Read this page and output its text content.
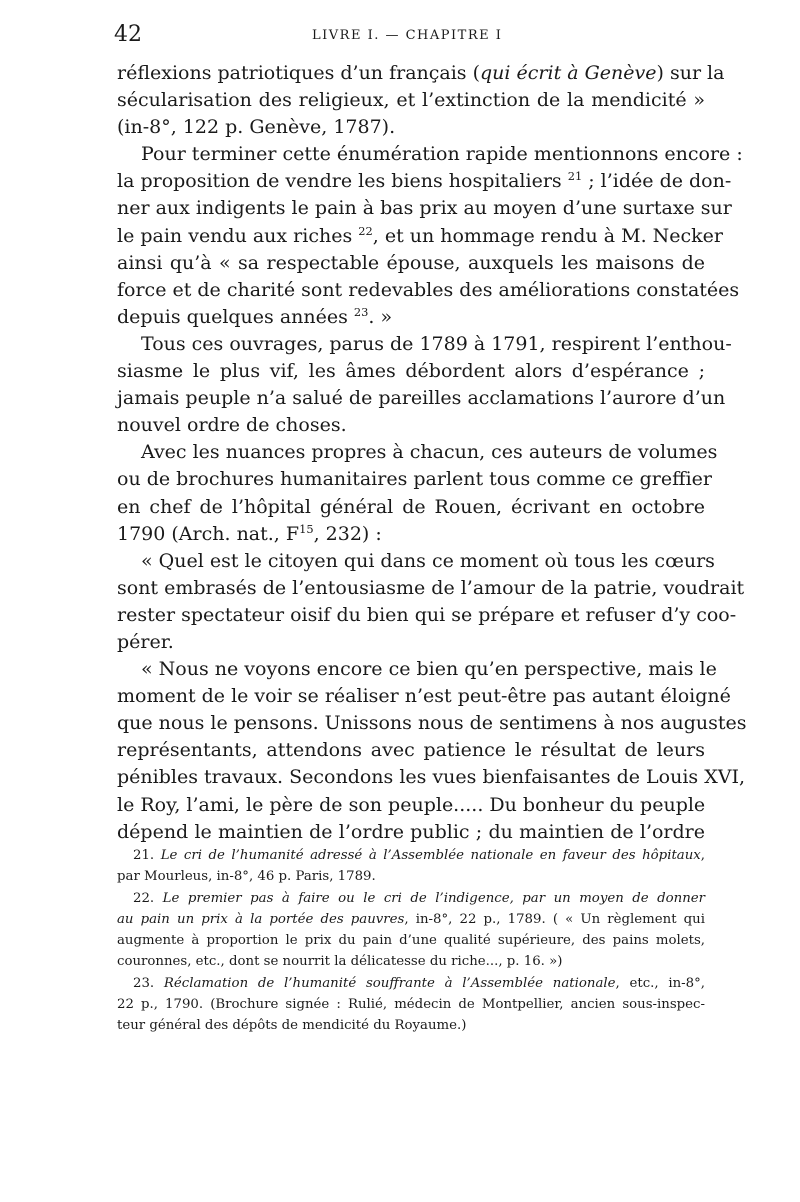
42	LIVRE I. — CHAPITRE I
réflexions patriotiques d’un français (qui écrit à Genève) sur la
sécularisation des religieux, et l’extinction de la mendicité »
(in-8°, 122 p. Genève, 1787).
Pour terminer cette énumération rapide mentionnons encore :
la proposition de vendre les biens hospitaliers $^{21}$ ; l’idée de don-
ner aux indigents le pain à bas prix au moyen d’une surtaxe sur
le pain vendu aux riches $^{22}$, et un hommage rendu à M. Necker
ainsi qu’à « sa respectable épouse, auxquels les maisons de
force et de charité sont redevables des améliorations constatées
depuis quelques années $^{23}$. »
Tous ces ouvrages, parus de 1789 à 1791, respirent l’enthou-
siasme le plus vif, les âmes débordent alors d’espérance ;
jamais peuple n’a salué de pareilles acclamations l’aurore d’un
nouvel ordre de choses.
Avec les nuances propres à chacun, ces auteurs de volumes
ou de brochures humanitaires parlent tous comme ce greffier
en chef de l’hôpital général de Rouen, écrivant en octobre
1790 (Arch. nat., $F^{15}$, 232) :
« Quel est le citoyen qui dans ce moment où tous les cœurs
sont embrasés de l’entousiasme de l’amour de la patrie, voudrait
rester spectateur oisif du bien qui se prépare et refuser d’y coo-
pérer.
« Nous ne voyons encore ce bien qu’en perspective, mais le
moment de le voir se réaliser n’est peut-être pas autant éloigné
que nous le pensons. Unissons nous de sentimens à nos augustes
représentants, attendons avec patience le résultat de leurs
pénibles travaux. Secondons les vues bienfaisantes de Louis XVI,
le Roy, l’ami, le père de son peuple..... Du bonheur du peuple
dépend le maintien de l’ordre public ; du maintien de l’ordre
21. Le cri de l’humanité adressé à l’Assemblée nationale en faveur des hôpitaux,
par Mourleus, in-8°, 46 p. Paris, 1789.
22. Le premier pas à faire ou le cri de l’indigence, par un moyen de donner
au pain un prix à la portée des pauvres, in-8°, 22 p., 1789. ( « Un règlement qui
augmente à proportion le prix du pain d’une qualité supérieure, des pains molets,
couronnes, etc., dont se nourrit la délicatesse du riche..., p. 16. »)
23. Réclamation de l’humanité souffrante à l’Assemblée nationale, etc., in-8°,
22 p., 1790. (Brochure signée : Rulié, médecin de Montpellier, ancien sous-inspec-
teur général des dépôts de mendicité du Royaume.)
